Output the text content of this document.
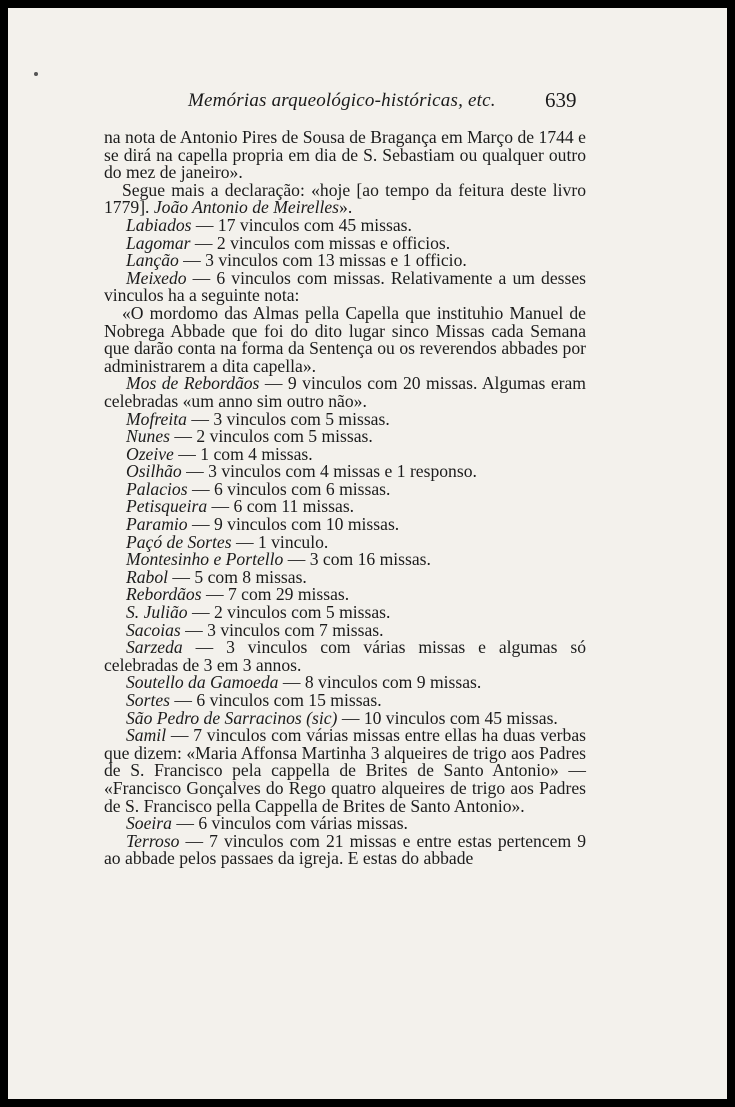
Memórias arqueológico-históricas, etc. 639

na nota de Antonio Pires de Sousa de Bragança em Março de 1744 e se dirá na capella propria em dia de S. Sebastiam ou qualquer outro do mez de janeiro».

Segue mais a declaração: «hoje [ao tempo da feitura deste livro 1779]. João Antonio de Meirelles».

Labiados — 17 vinculos com 45 missas.

Lagomar — 2 vinculos com missas e officios.

Lanção — 3 vinculos com 13 missas e 1 officio.

Meixedo — 6 vinculos com missas. Relativamente a um desses vinculos ha a seguinte nota:

«O mordomo das Almas pella Capella que instituhio Manuel de Nobrega Abbade que foi do dito lugar sinco Missas cada Semana que darão conta na forma da Sentença ou os reverendos abbades por administrarem a dita capella».

Mos de Rebordãos — 9 vinculos com 20 missas. Algumas eram celebradas «um anno sim outro não».

Mofreita — 3 vinculos com 5 missas.

Nunes — 2 vinculos com 5 missas.

Ozeive — 1 com 4 missas.

Osilhão — 3 vinculos com 4 missas e 1 responso.

Palacios — 6 vinculos com 6 missas.

Petisqueira — 6 com 11 missas.

Paramio — 9 vinculos com 10 missas.

Paçó de Sortes — 1 vinculo.

Montesinho e Portello — 3 com 16 missas.

Rabol — 5 com 8 missas.

Rebordãos — 7 com 29 missas.

S. Julião — 2 vinculos com 5 missas.

Sacoias — 3 vinculos com 7 missas.

Sarzeda — 3 vinculos com várias missas e algumas só celebradas de 3 em 3 annos.

Soutello da Gamoeda — 8 vinculos com 9 missas.

Sortes — 6 vinculos com 15 missas.

São Pedro de Sarracinos (sic) — 10 vinculos com 45 missas.

Samil — 7 vinculos com várias missas entre ellas ha duas verbas que dizem: «Maria Affonsa Martinha 3 alqueires de trigo aos Padres de S. Francisco pela cappella de Brites de Santo Antonio» — «Francisco Gonçalves do Rego quatro alqueires de trigo aos Padres de S. Francisco pella Cappella de Brites de Santo Antonio».

Soeira — 6 vinculos com várias missas.

Terroso — 7 vinculos com 21 missas e entre estas pertencem 9 ao abbade pelos passaes da igreja. E estas do abbade
